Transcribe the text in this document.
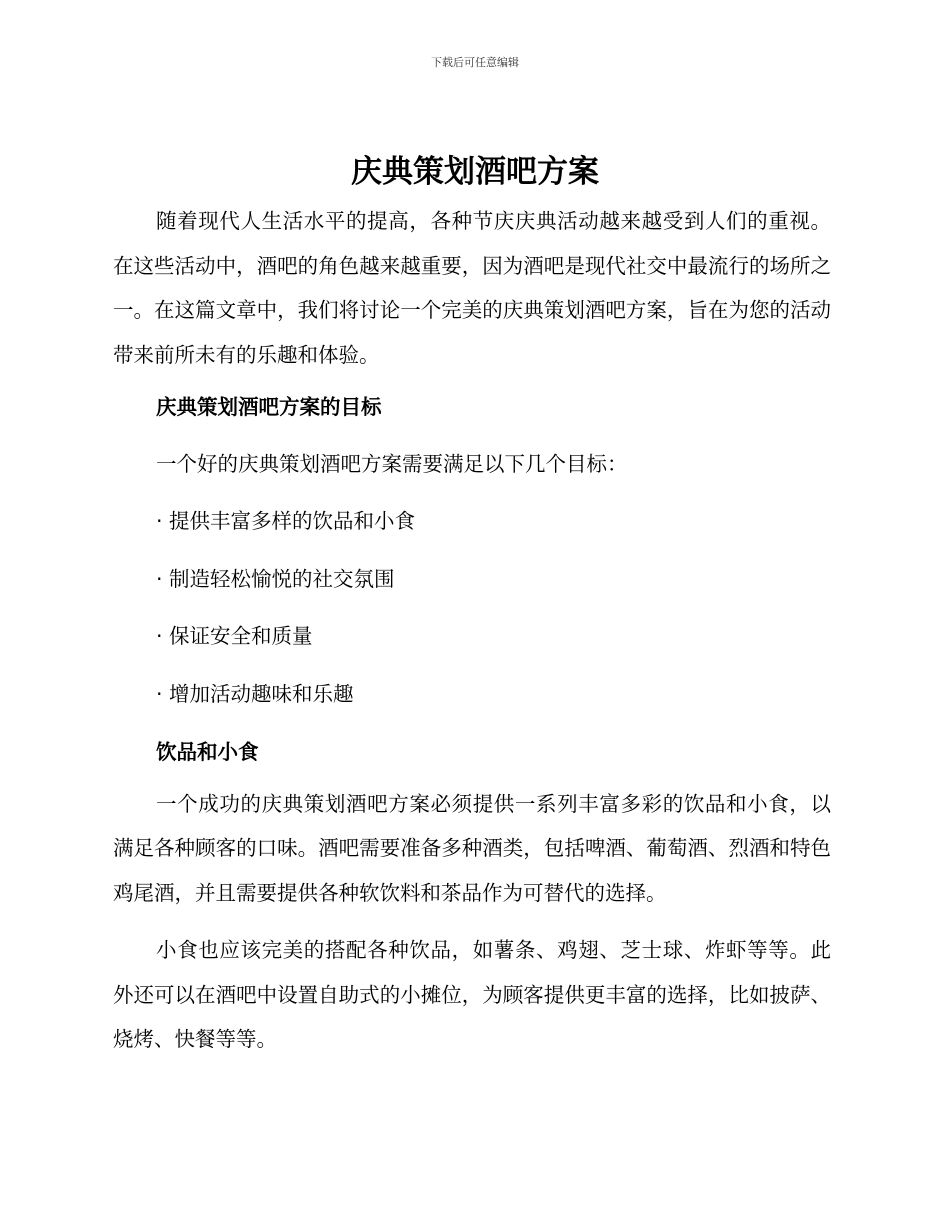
下载后可任意编辑
庆典策划酒吧方案

随着现代人生活水平的提高，各种节庆庆典活动越来越受到人们的重视。在这些活动中，酒吧的角色越来越重要，因为酒吧是现代社交中最流行的场所之一。在这篇文章中，我们将讨论一个完美的庆典策划酒吧方案，旨在为您的活动带来前所未有的乐趣和体验。

庆典策划酒吧方案的目标

一个好的庆典策划酒吧方案需要满足以下几个目标：

· 提供丰富多样的饮品和小食
· 制造轻松愉悦的社交氛围
· 保证安全和质量
· 增加活动趣味和乐趣
饮品和小食

一个成功的庆典策划酒吧方案必须提供一系列丰富多彩的饮品和小食，以满足各种顾客的口味。酒吧需要准备多种酒类，包括啤酒、葡萄酒、烈酒和特色鸡尾酒，并且需要提供各种软饮料和茶品作为可替代的选择。

小食也应该完美的搭配各种饮品，如薯条、鸡翅、芝士球、炸虾等等。此外还可以在酒吧中设置自助式的小摊位，为顾客提供更丰富的选择，比如披萨、烧烤、快餐等等。
